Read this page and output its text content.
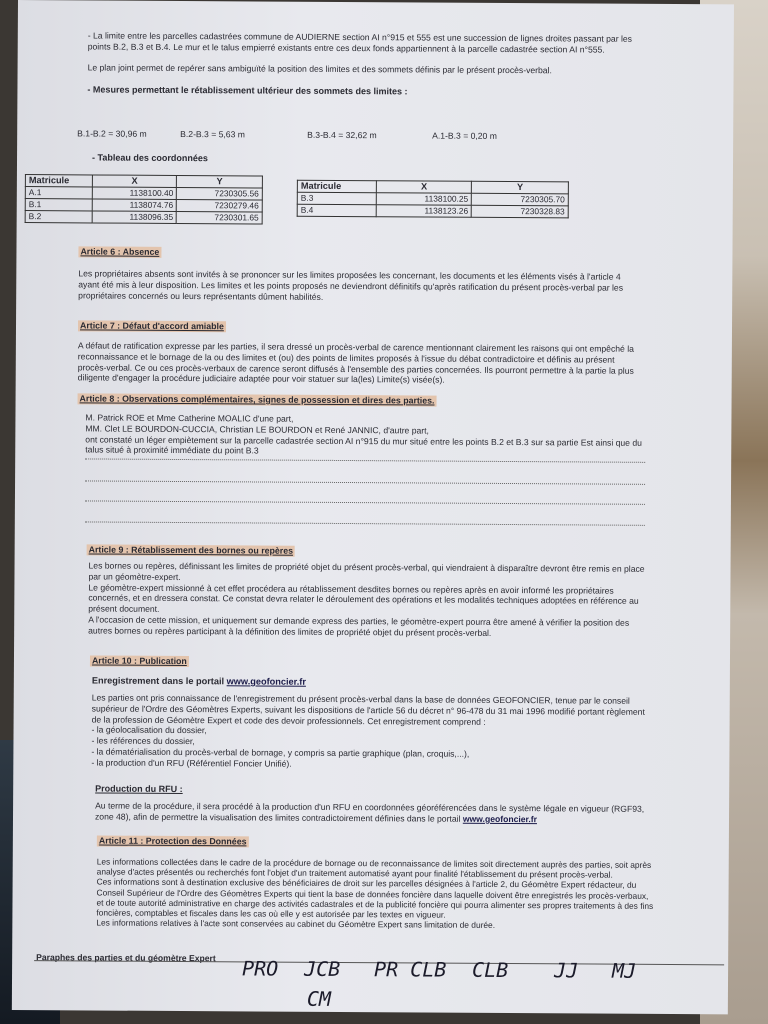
- La limite entre les parcelles cadastrées commune de AUDIERNE section AI n°915 et 555 est une succession de lignes droites passant par les points B.2, B.3 et B.4. Le mur et le talus empierré existants entre ces deux fonds appartiennent à la parcelle cadastrée section AI n°555.

Le plan joint permet de repérer sans ambiguïté la position des limites et des sommets définis par le présent procès-verbal.

- Mesures permettant le rétablissement ultérieur des sommets des limites :

B.1-B.2 = 30,96 m	B.2-B.3 = 5,63 m	B.3-B.4 = 32,62 m	A.1-B.3 = 0,20 m
- Tableau des coordonnées
Matricule	X	Y
A.1	1138100.40	7230305.56
B.1	1138074.76	7230279.46
B.2	1138096.35	7230301.65
Matricule	X	Y
B.3	1138100.25	7230305.70
B.4	1138123.26	7230328.83
Article 6 : Absence
Les propriétaires absents sont invités à se prononcer sur les limites proposées les concernant, les documents et les éléments visés à l'article 4 ayant été mis à leur disposition. Les limites et les points proposés ne deviendront définitifs qu'après ratification du présent procès-verbal par les propriétaires concernés ou leurs représentants dûment habilités.
Article 7 : Défaut d'accord amiable
A défaut de ratification expresse par les parties, il sera dressé un procès-verbal de carence mentionnant clairement les raisons qui ont empêché la reconnaissance et le bornage de la ou des limites et (ou) des points de limites proposés à l'issue du débat contradictoire et définis au présent procès-verbal. Ce ou ces procès-verbaux de carence seront diffusés à l'ensemble des parties concernées. Ils pourront permettre à la partie la plus diligente d'engager la procédure judiciaire adaptée pour voir statuer sur la(les) Limite(s) visée(s).
Article 8 : Observations complémentaires, signes de possession et dires des parties.

M. Patrick ROE et Mme Catherine MOALIC d'une part,

MM. Clet LE BOURDON-CUCCIA, Christian LE BOURDON et René JANNIC, d'autre part,

ont constaté un léger empiètement sur la parcelle cadastrée section AI n°915 du mur situé entre les points B.2 et B.3 sur sa partie Est ainsi que du talus situé à proximité immédiate du point B.3

Article 9 : Rétablissement des bornes ou repères

Les bornes ou repères, définissant les limites de propriété objet du présent procès-verbal, qui viendraient à disparaître devront être remis en place par un géomètre-expert.

Le géomètre-expert missionné à cet effet procédera au rétablissement desdites bornes ou repères après en avoir informé les propriétaires concernés, et en dressera constat. Ce constat devra relater le déroulement des opérations et les modalités techniques adoptées en référence au présent document.

A l'occasion de cette mission, et uniquement sur demande express des parties, le géomètre-expert pourra être amené à vérifier la position des autres bornes ou repères participant à la définition des limites de propriété objet du présent procès-verbal.

Article 10 : Publication
Enregistrement dans le portail www.geofoncier.fr

Les parties ont pris connaissance de l'enregistrement du présent procès-verbal dans la base de données GEOFONCIER, tenue par le conseil supérieur de l'Ordre des Géomètres Experts, suivant les dispositions de l'article 56 du décret n° 96-478 du 31 mai 1996 modifié portant règlement de la profession de Géomètre Expert et code des devoir professionnels. Cet enregistrement comprend :

- la géolocalisation du dossier,

- les références du dossier,

- la dématérialisation du procès-verbal de bornage, y compris sa partie graphique (plan, croquis,...),

- la production d'un RFU (Référentiel Foncier Unifié).

Production du RFU :
Au terme de la procédure, il sera procédé à la production d'un RFU en coordonnées géoréférencées dans le système légale en vigueur (RGF93, zone 48), afin de permettre la visualisation des limites contradictoirement définies dans le portail www.geofoncier.fr
Article 11 : Protection des Données

Les informations collectées dans le cadre de la procédure de bornage ou de reconnaissance de limites soit directement auprès des parties, soit après analyse d'actes présentés ou recherchés font l'objet d'un traitement automatisé ayant pour finalité l'établissement du présent procès-verbal.

Ces informations sont à destination exclusive des bénéficiaires de droit sur les parcelles désignées à l'article 2, du Géomètre Expert rédacteur, du Conseil Supérieur de l'Ordre des Géomètres Experts qui tient la base de données foncière dans laquelle doivent être enregistrés les procès-verbaux, et de toute autorité administrative en charge des activités cadastrales et de la publicité foncière qui pourra alimenter ses propres traitements à des fins foncières, comptables et fiscales dans les cas où elle y est autorisée par les textes en vigueur.

Les informations relatives à l'acte sont conservées au cabinet du Géomètre Expert sans limitation de durée.

Paraphes des parties et du géomètre Expert PRO JCB PR CLB CLB JJ MJ
CM
